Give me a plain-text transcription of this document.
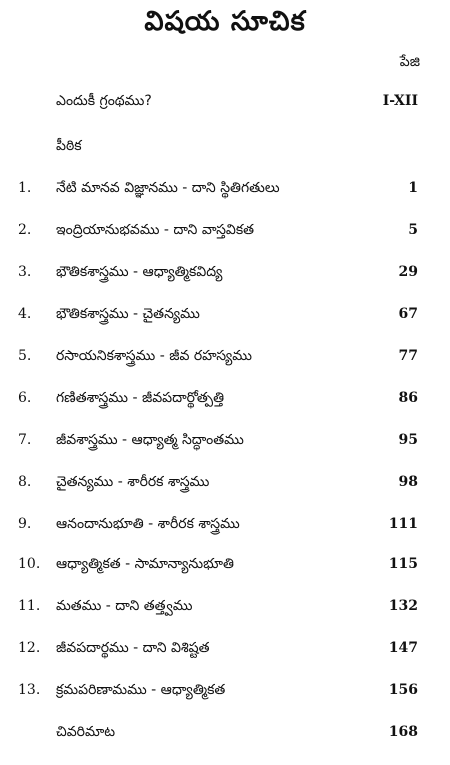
విషయ సూచిక
పేజి
ఎందుకీ గ్రంథము?	I-XII
పీఠిక
1.	నేటి మానవ విజ్ఞానము - దాని స్థితిగతులు	1
2.	ఇంద్రియానుభవము - దాని వాస్తవికత	5
3.	భౌతికశాస్త్రము - ఆధ్యాత్మికవిద్య	29
4.	భౌతికశాస్త్రము - చైతన్యము	67
5.	రసాయనికశాస్త్రము - జీవ రహస్యము	77
6.	గణితశాస్త్రము - జీవపదార్థోత్పత్తి	86
7.	జీవశాస్త్రము - ఆధ్యాత్మ సిద్ధాంతము	95
8.	చైతన్యము - శారీరక శాస్త్రము	98
9.	ఆనందానుభూతి - శారీరక శాస్త్రము	111
10.	ఆధ్యాత్మికత - సామాన్యానుభూతి	115
11.	మతము - దాని తత్త్వము	132
12.	జీవపదార్థము - దాని విశిష్టత	147
13.	క్రమపరిణామము - ఆధ్యాత్మికత	156
చివరిమాట	168
